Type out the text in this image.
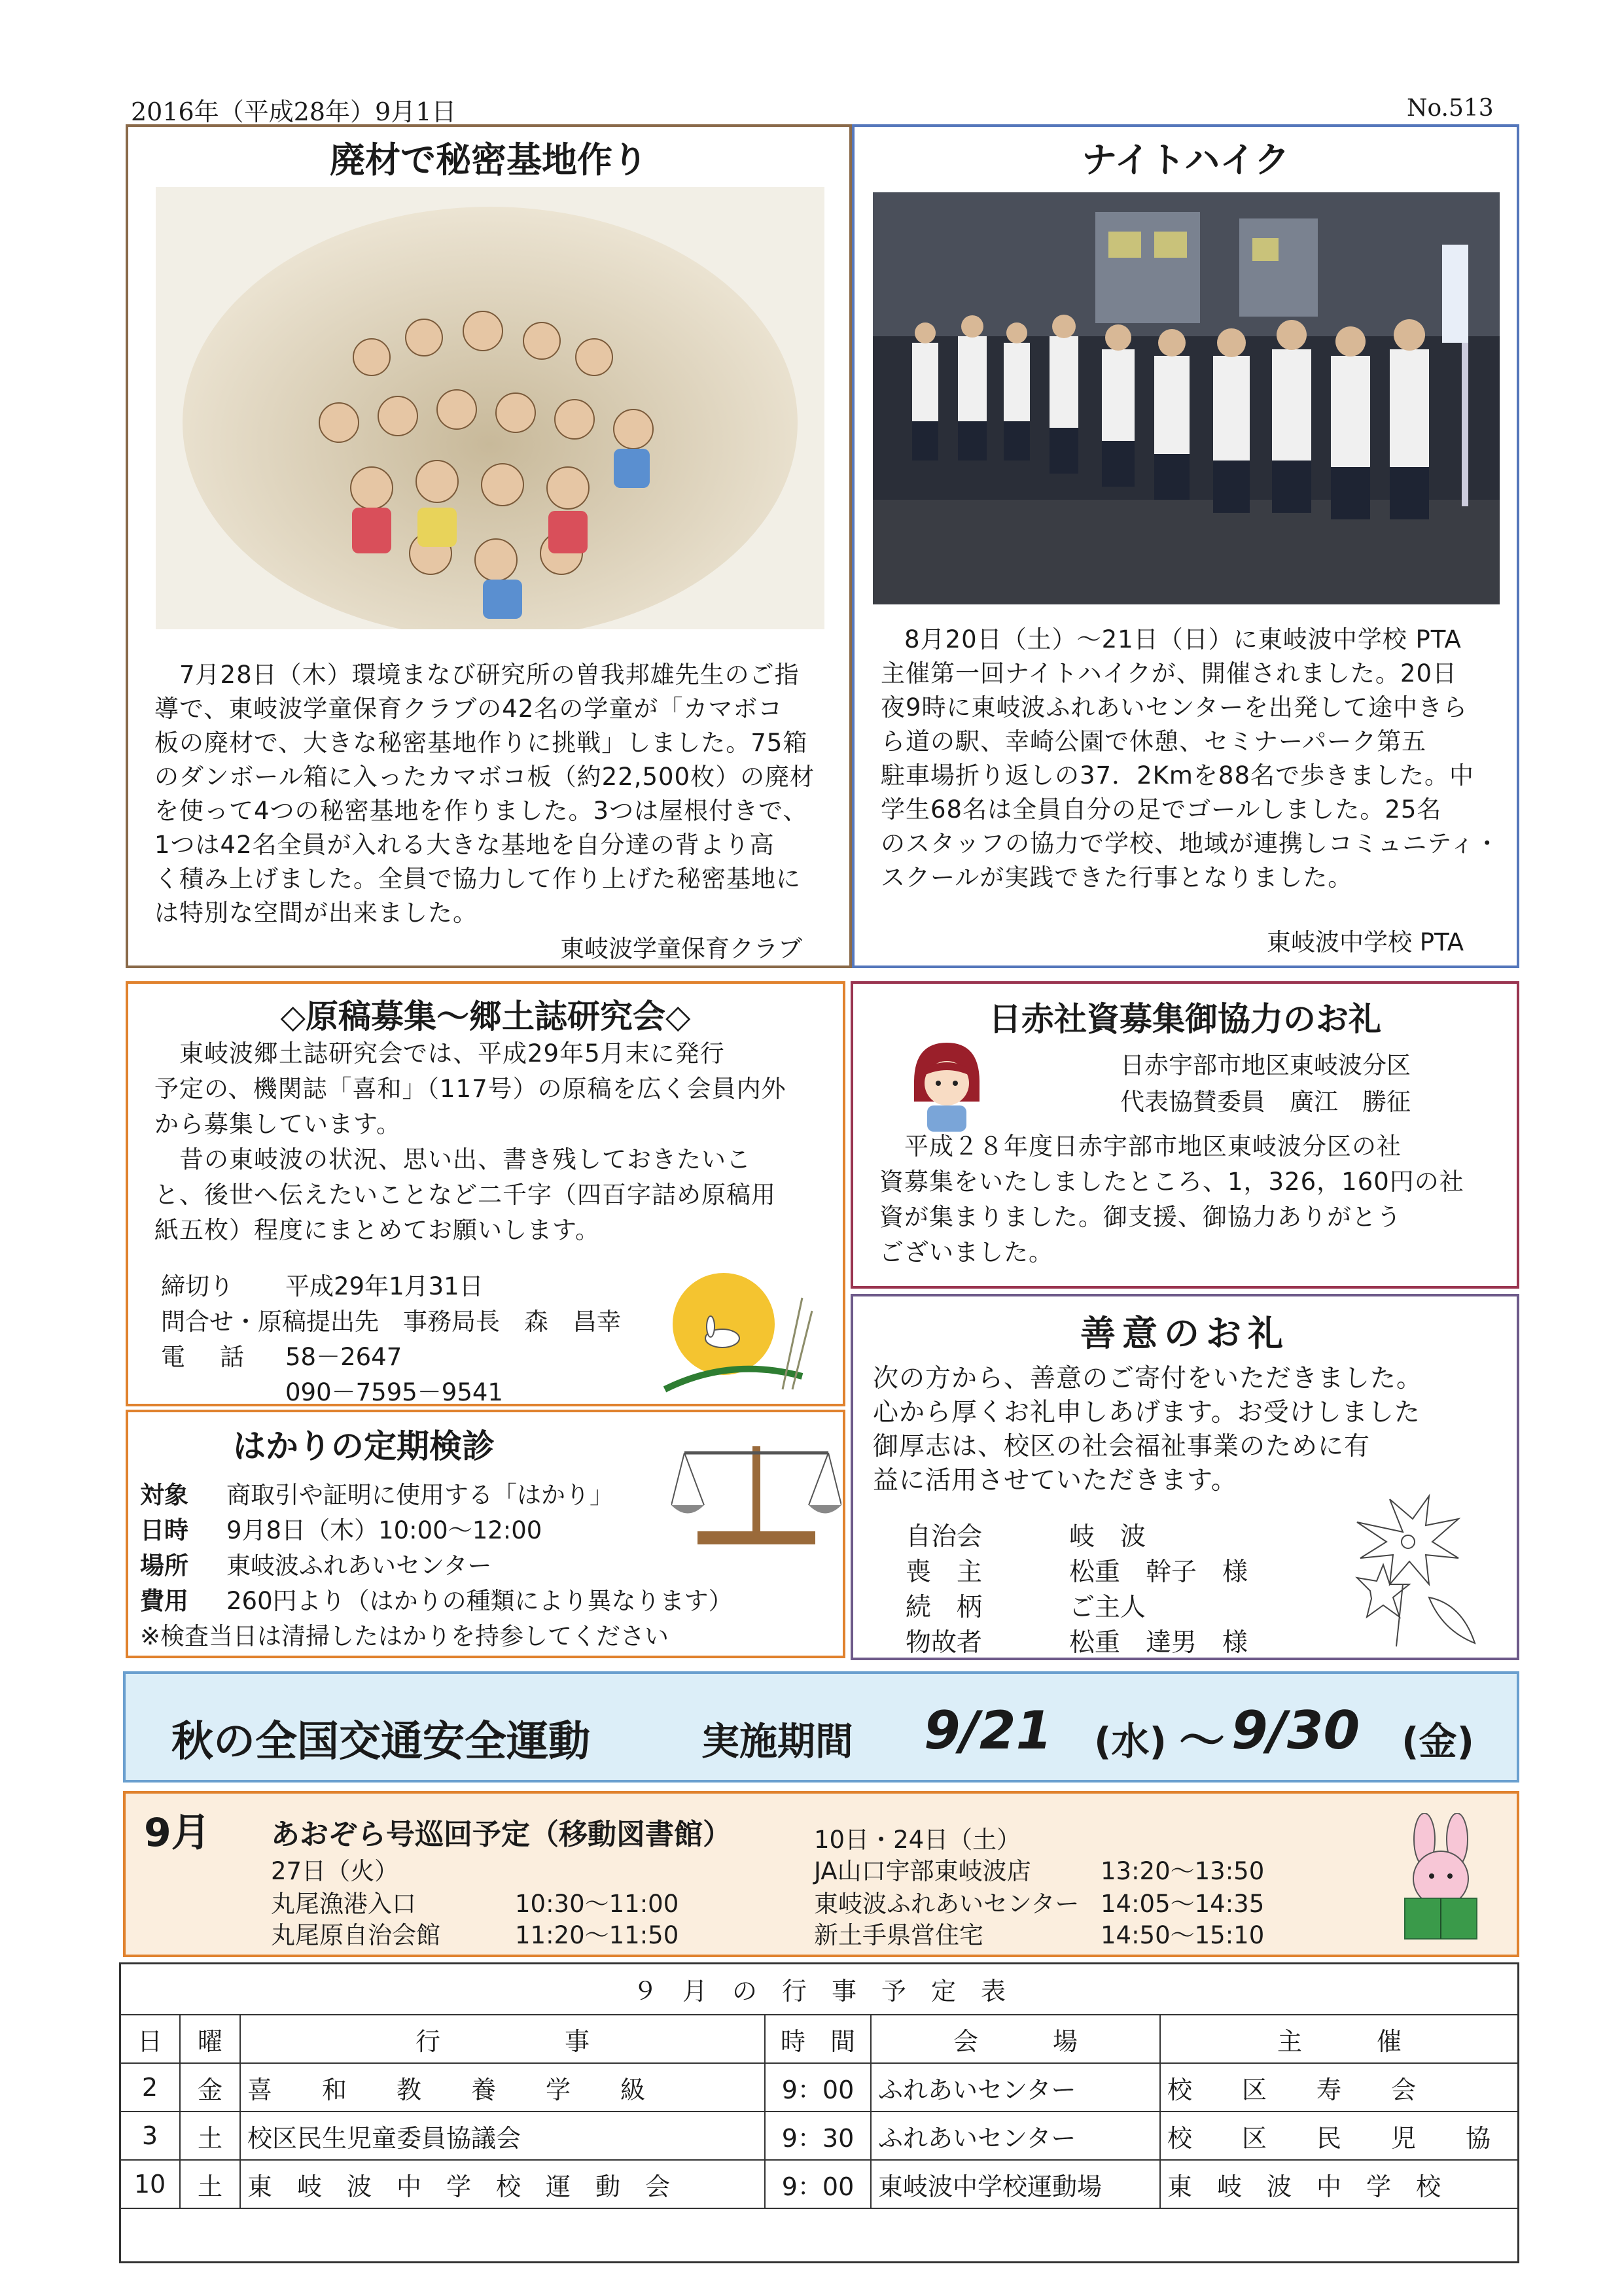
2016年（平成28年）9月1日	No.513
廃材で秘密基地作り
　7月28日（木）環境まなび研究所の曽我邦雄先生のご指
導で、東岐波学童保育クラブの42名の学童が「カマボコ
板の廃材で、大きな秘密基地作りに挑戦」しました。75箱
のダンボール箱に入ったカマボコ板（約22,500枚）の廃材
を使って4つの秘密基地を作りました。3つは屋根付きで、
1つは42名全員が入れる大きな基地を自分達の背より高
く積み上げました。全員で協力して作り上げた秘密基地に
は特別な空間が出来ました。
東岐波学童保育クラブ
ナイトハイク
8月20日（土）～21日（日）に東岐波中学校 PTA
主催第一回ナイトハイクが、開催されました。20日
夜9時に東岐波ふれあいセンターを出発して途中きら
ら道の駅、幸崎公園で休憩、セミナーパーク第五
駐車場折り返しの37．2Kmを88名で歩きました。中
学生68名は全員自分の足でゴールしました。25名
のスタッフの協力で学校、地域が連携しコミュニティ・
スクールが実践できた行事となりました。
東岐波中学校 PTA
◇原稿募集～郷土誌研究会◇
　東岐波郷土誌研究会では、平成29年5月末に発行
予定の、機関誌「喜和」（117号）の原稿を広く会員内外
から募集しています。
　昔の東岐波の状況、思い出、書き残しておきたいこ
と、後世へ伝えたいことなど二千字（四百字詰め原稿用
紙五枚）程度にまとめてお願いします。
締切り 平成29年1月31日
問合せ・原稿提出先 事務局長　森　昌幸
電　話 58－2647
090－7595－9541
日赤社資募集御協力のお礼
日赤宇部市地区東岐波分区
代表協賛委員　廣江　勝征
　平成２８年度日赤宇部市地区東岐波分区の社
資募集をいたしましたところ、1，326，160円の社
資が集まりました。御支援、御協力ありがとう
ございました。
はかりの定期検診
対象 商取引や証明に使用する「はかり」
日時 9月8日（木）10:00～12:00
場所 東岐波ふれあいセンター
費用 260円より（はかりの種類により異なります）
※検査当日は清掃したはかりを持参してください
善意のお礼
次の方から、善意のご寄付をいただきました。
心から厚くお礼申しあげます。お受けしました
御厚志は、校区の社会福祉事業のために有
益に活用させていただきます。
自治会	岐　波
喪　主	松重　幹子　様
続　柄	ご主人
物故者	松重　達男　様
秋の全国交通安全運動	実施期間 9/21 (水) ～ 9/30 (金)
9月 あおぞら号巡回予定（移動図書館）
27日（火）
丸尾漁港入口	10:30～11:00
丸尾原自治会館	11:20～11:50
10日・24日（土）
JA山口宇部東岐波店	13:20～13:50
東岐波ふれあいセンター 14:05～14:35
新土手県営住宅	14:50～15:10
９　月　の　行　事　予　定　表
日	曜	行　　　　　事	時　間	会　　　場	主　　　催
2	金	喜　　和　　教　　養　　学　　級	9：00	ふれあいセンター	校　　区　　寿　　会
3	土	校区民生児童委員協議会	9：30	ふれあいセンター	校　　区　　民　　児　　協
10	土	東　岐　波　中　学　校　運　動　会	9：00	東岐波中学校運動場	東　岐　波　中　学　校
